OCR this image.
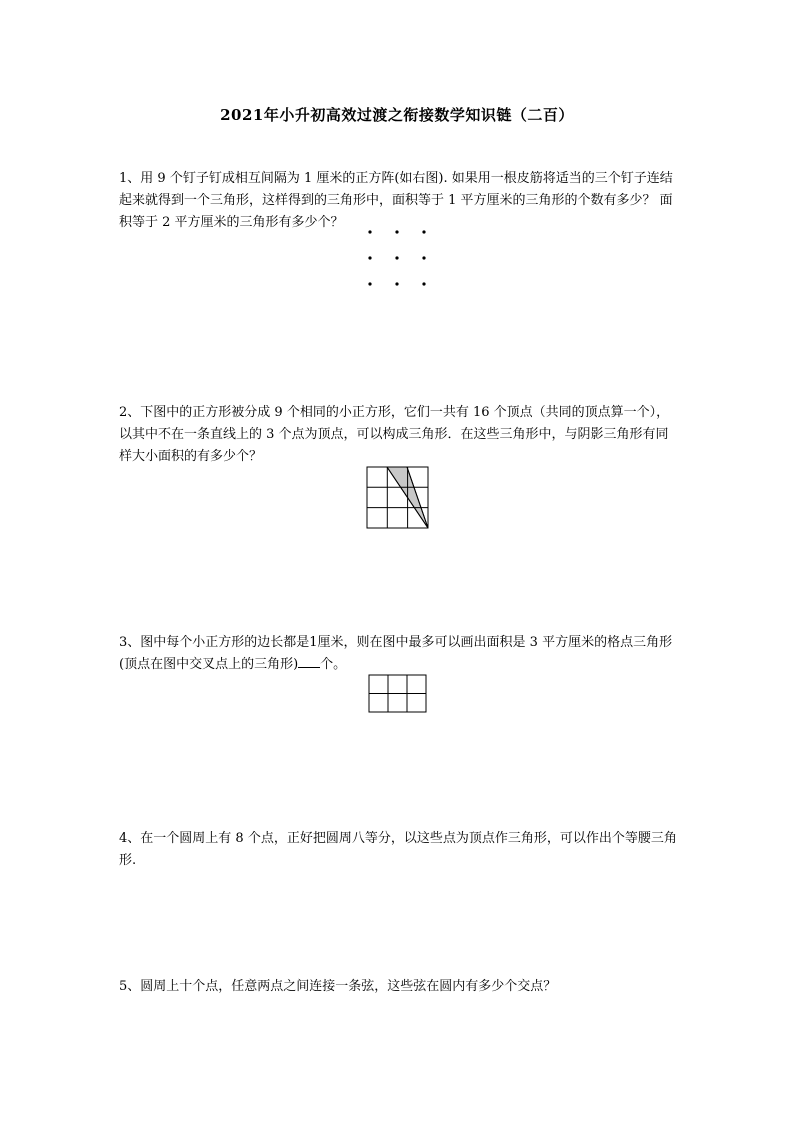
2021年小升初高效过渡之衔接数学知识链（二百）
1、用 9 个钉子钉成相互间隔为 1 厘米的正方阵(如右图). 如果用一根皮筋将适当的三个钉子连结起来就得到一个三角形，这样得到的三角形中，面积等于 1 平方厘米的三角形的个数有多少？ 面积等于 2 平方厘米的三角形有多少个？
2、下图中的正方形被分成 9 个相同的小正方形，它们一共有 16 个顶点（共同的顶点算一个），以其中不在一条直线上的 3 个点为顶点，可以构成三角形．在这些三角形中，与阴影三角形有同样大小面积的有多少个？
3、图中每个小正方形的边长都是1厘米，则在图中最多可以画出面积是 3 平方厘米的格点三角形(顶点在图中交叉点上的三角形) 个。
4、在一个圆周上有 8 个点，正好把圆周八等分，以这些点为顶点作三角形，可以作出个等腰三角形.
5、圆周上十个点，任意两点之间连接一条弦，这些弦在圆内有多少个交点？
